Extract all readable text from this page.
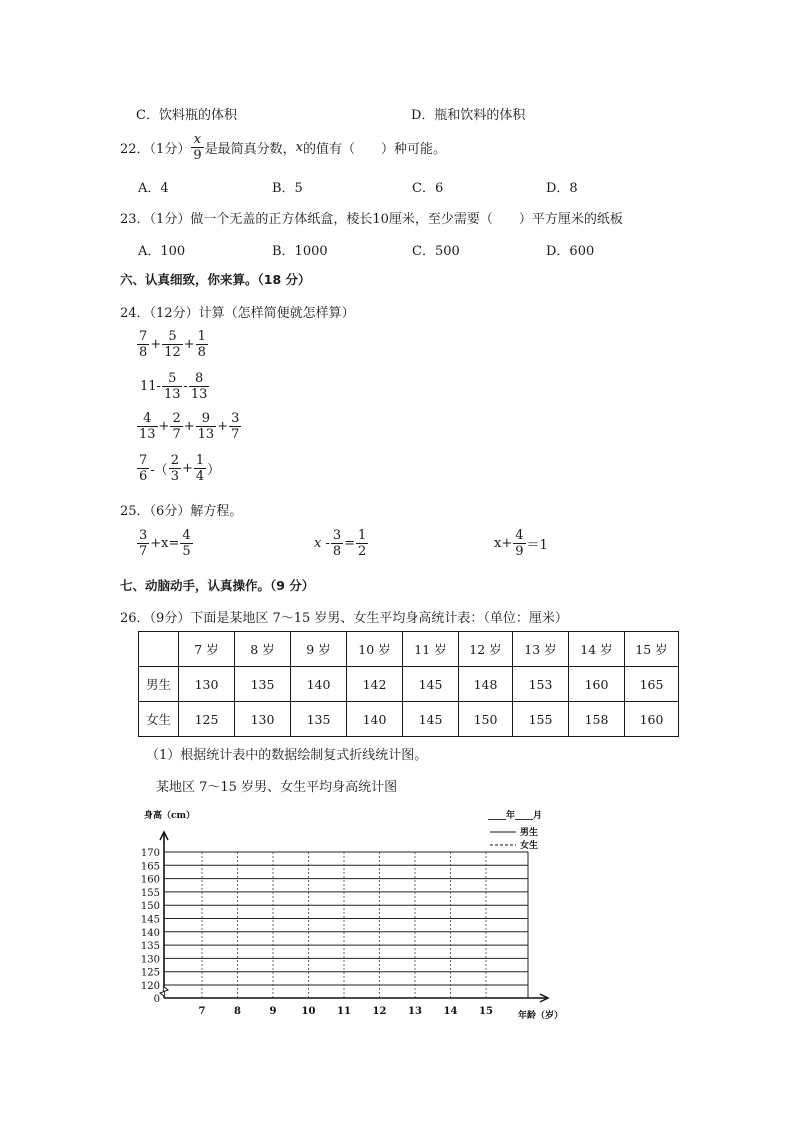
C．饮料瓶的体积	D．瓶和饮料的体积
22．（1分） $\frac{x}{9}$ 是最简真分数， x 的值有（　　）种可能。
A．4	B．5	C．6	D．8
23．（1分）做一个无盖的正方体纸盒，棱长10厘米，至少需要（　　）平方厘米的纸板
A．100	B．1000	C．500	D．600
六、认真细致，你来算。（18 分）
24．（12分）计算（怎样简便就怎样算）
$\frac{7}{8} + \frac{5}{12} + \frac{1}{8}$
$11- \frac{5}{13} - \frac{8}{13}$
$\frac{4}{13} + \frac{2}{7} + \frac{9}{13} + \frac{3}{7}$
$\frac{7}{6}$ -（ $\frac{2}{3} + \frac{1}{4}$ ）
25．（6分）解方程。
$\frac{3}{7} +x= \frac{4}{5}$	$x - \frac{3}{8} = \frac{1}{2}$	$x+ \frac{4}{9} =1$
七、动脑动手，认真操作。（9 分）
26．（9分）下面是某地区 7～15 岁男、女生平均身高统计表：（单位：厘米）
	7 岁	8 岁	9 岁	10 岁	11 岁	12 岁	13 岁	14 岁	15 岁
男生	130	135	140	142	145	148	153	160	165
女生	125	130	135	140	145	150	155	158	160
（1）根据统计表中的数据绘制复式折线统计图。
某地区 7～15 岁男、女生平均身高统计图
0
120
125
130
135
140
145
150
155
160
165
170
7	8	9	10 11 12 13 14 15
身高（cm）
年龄（岁）
____年____月
男生
女生
